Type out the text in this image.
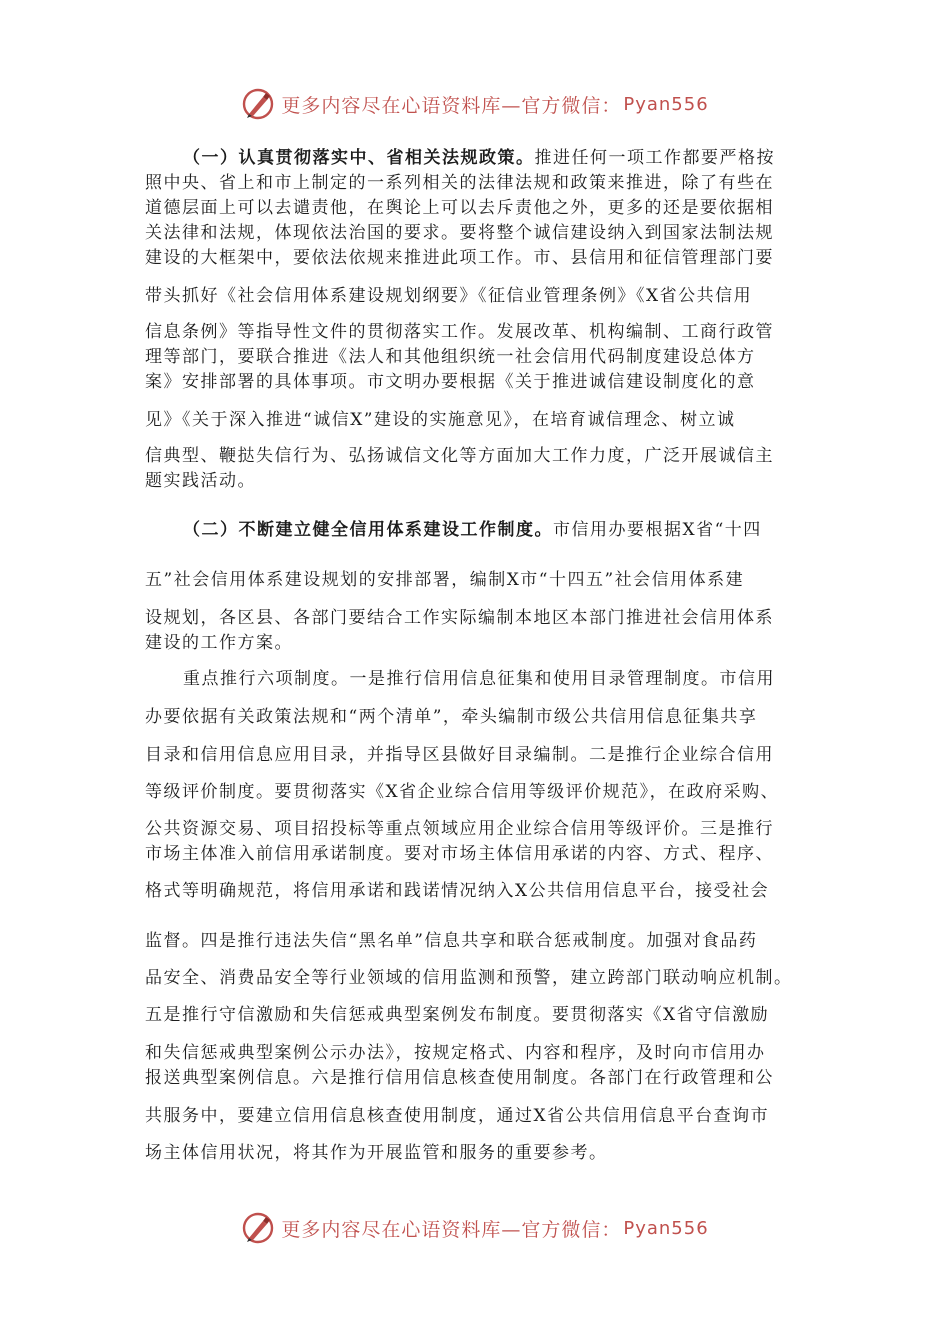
更多内容尽在心语资料库—官方微信： Pyan556
（一）认真贯彻落实中、省相关法规政策。推进任何一项工作都要严格按
照中央、省上和市上制定的一系列相关的法律法规和政策来推进，除了有些在
道德层面上可以去谴责他，在舆论上可以去斥责他之外，更多的还是要依据相
关法律和法规，体现依法治国的要求。要将整个诚信建设纳入到国家法制法规
建设的大框架中，要依法依规来推进此项工作。市、县信用和征信管理部门要
带头抓好《社会信用体系建设规划纲要》《征信业管理条例》《X省公共信用
信息条例》等指导性文件的贯彻落实工作。发展改革、机构编制、工商行政管
理等部门，要联合推进《法人和其他组织统一社会信用代码制度建设总体方
案》安排部署的具体事项。市文明办要根据《关于推进诚信建设制度化的意
见》《关于深入推进“诚信X”建设的实施意见》，在培育诚信理念、树立诚
信典型、鞭挞失信行为、弘扬诚信文化等方面加大工作力度，广泛开展诚信主
题实践活动。
（二）不断建立健全信用体系建设工作制度。市信用办要根据X省“十四
五”社会信用体系建设规划的安排部署，编制X市“十四五”社会信用体系建
设规划，各区县、各部门要结合工作实际编制本地区本部门推进社会信用体系
建设的工作方案。
重点推行六项制度。一是推行信用信息征集和使用目录管理制度。市信用
办要依据有关政策法规和“两个清单”，牵头编制市级公共信用信息征集共享
目录和信用信息应用目录，并指导区县做好目录编制。二是推行企业综合信用
等级评价制度。要贯彻落实《X省企业综合信用等级评价规范》，在政府采购、
公共资源交易、项目招投标等重点领域应用企业综合信用等级评价。三是推行
市场主体准入前信用承诺制度。要对市场主体信用承诺的内容、方式、程序、
格式等明确规范，将信用承诺和践诺情况纳入X公共信用信息平台，接受社会
监督。四是推行违法失信“黑名单”信息共享和联合惩戒制度。加强对食品药
品安全、消费品安全等行业领域的信用监测和预警，建立跨部门联动响应机制。
五是推行守信激励和失信惩戒典型案例发布制度。要贯彻落实《X省守信激励
和失信惩戒典型案例公示办法》，按规定格式、内容和程序，及时向市信用办
报送典型案例信息。六是推行信用信息核查使用制度。各部门在行政管理和公
共服务中，要建立信用信息核查使用制度，通过X省公共信用信息平台查询市
场主体信用状况，将其作为开展监管和服务的重要参考。
更多内容尽在心语资料库—官方微信： Pyan556
